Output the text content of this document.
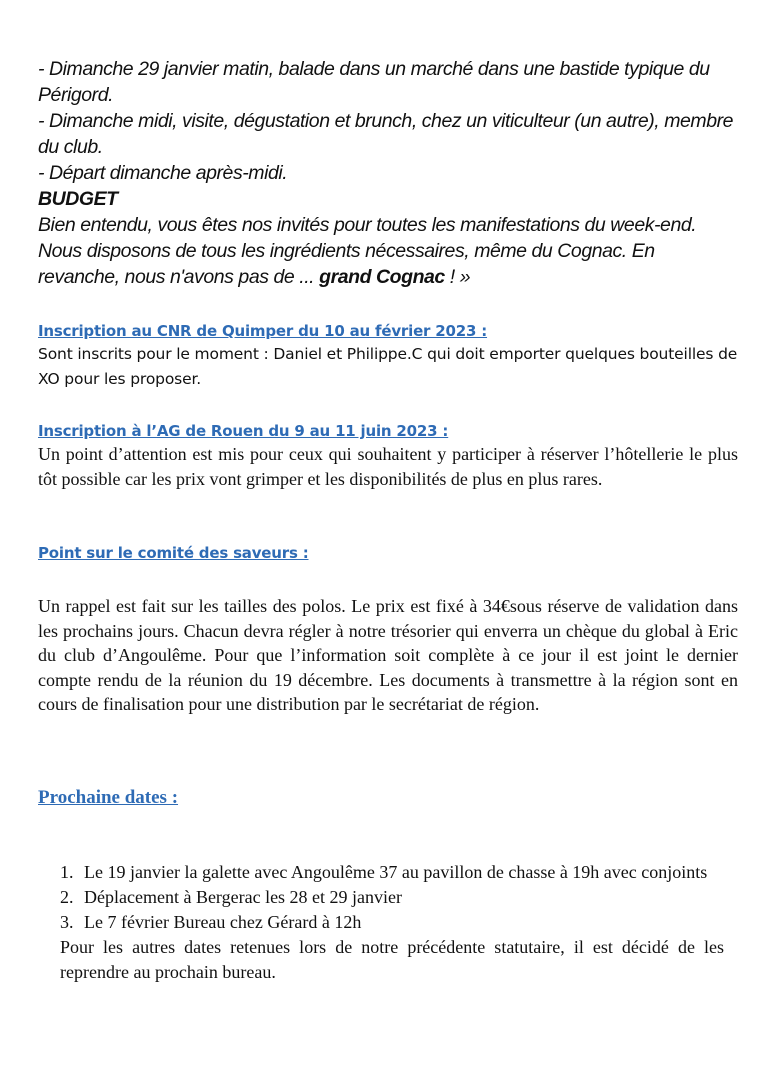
- Dimanche 29 janvier matin, balade dans un marché dans une bastide typique du Périgord.

- Dimanche midi, visite, dégustation et brunch, chez un viticulteur (un autre), membre du club.

- Départ dimanche après-midi.

BUDGET

Bien entendu, vous êtes nos invités pour toutes les manifestations du week-end. Nous disposons de tous les ingrédients nécessaires, même du Cognac. En revanche, nous n'avons pas de ... grand Cognac ! »

Inscription au CNR de Quimper du 10 au février 2023 :

Sont inscrits pour le moment : Daniel et Philippe.C qui doit emporter quelques bouteilles de XO pour les proposer.

Inscription à l’AG de Rouen du 9 au 11 juin 2023 :

Un point d’attention est mis pour ceux qui souhaitent y participer à réserver l’hôtellerie le plus tôt possible car les prix vont grimper et les disponibilités de plus en plus rares.

Point sur le comité des saveurs :

Un rappel est fait sur les tailles des polos. Le prix est fixé à 34€sous réserve de validation dans les prochains jours. Chacun devra régler à notre trésorier qui enverra un chèque du global à Eric du club d’Angoulême. Pour que l’information soit complète à ce jour il est joint le dernier compte rendu de la réunion du 19 décembre. Les documents à transmettre à la région sont en cours de finalisation pour une distribution par le secrétariat de région.

Prochaine dates :

1. Le 19 janvier la galette avec Angoulême 37 au pavillon de chasse à 19h avec conjoints
2. Déplacement à Bergerac les 28 et 29 janvier
3. Le 7 février Bureau chez Gérard à 12h

Pour les autres dates retenues lors de notre précédente statutaire, il est décidé de les reprendre au prochain bureau.
